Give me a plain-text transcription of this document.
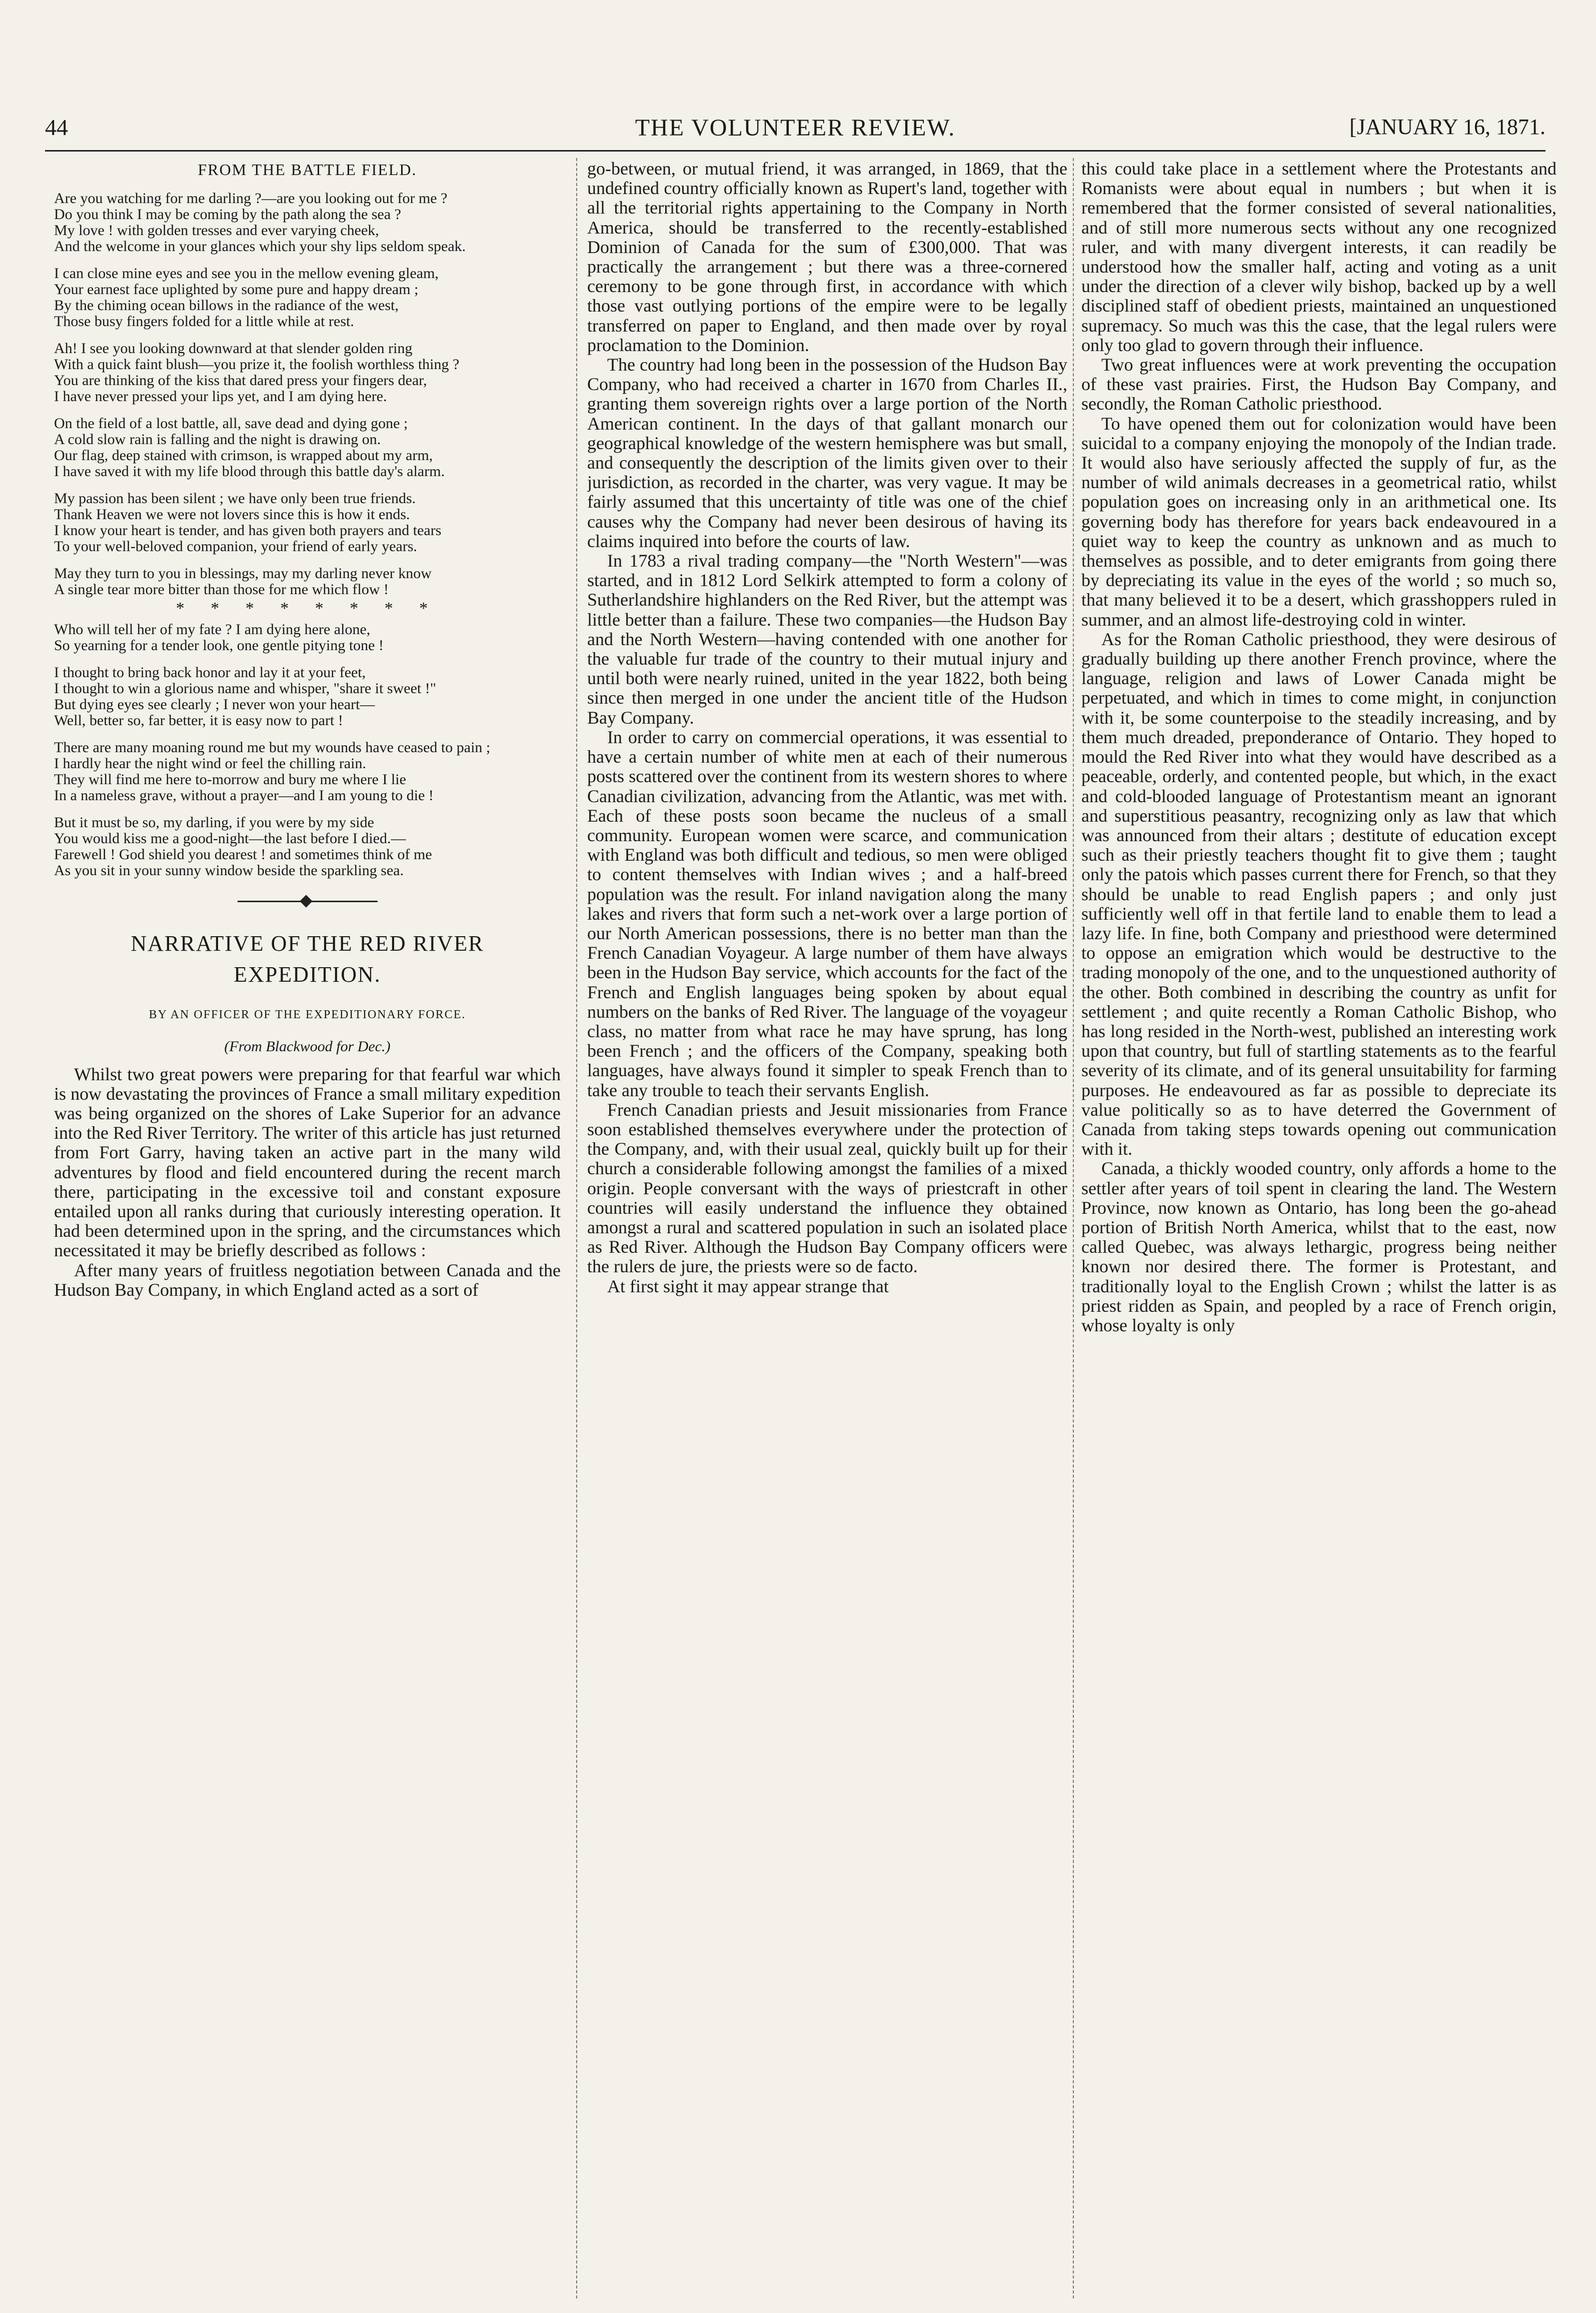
44	THE VOLUNTEER REVIEW.	[JANUARY 16, 1871.
FROM THE BATTLE FIELD.
Are you watching for me darling ?—are you looking out for me ?
Do you think I may be coming by the path along the sea ?
My love ! with golden tresses and ever varying cheek,
And the welcome in your glances which your shy lips seldom speak.
I can close mine eyes and see you in the mellow evening gleam,
Your earnest face uplighted by some pure and happy dream ;
By the chiming ocean billows in the radiance of the west,
Those busy fingers folded for a little while at rest.
Ah! I see you looking downward at that slender golden ring
With a quick faint blush—you prize it, the foolish worthless thing ?
You are thinking of the kiss that dared press your fingers dear,
I have never pressed your lips yet, and I am dying here.
On the field of a lost battle, all, save dead and dying gone ;
A cold slow rain is falling and the night is drawing on.
Our flag, deep stained with crimson, is wrapped about my arm,
I have saved it with my life blood through this battle day's alarm.
My passion has been silent ; we have only been true friends.
Thank Heaven we were not lovers since this is how it ends.
I know your heart is tender, and has given both prayers and tears
To your well-beloved companion, your friend of early years.
May they turn to you in blessings, may my darling never know
A single tear more bitter than those for me which flow !
* * * * * * * *
Who will tell her of my fate ? I am dying here alone,
So yearning for a tender look, one gentle pitying tone !
I thought to bring back honor and lay it at your feet,
I thought to win a glorious name and whisper, "share it sweet !"
But dying eyes see clearly ; I never won your heart—
Well, better so, far better, it is easy now to part !
There are many moaning round me but my wounds have ceased to pain ;
I hardly hear the night wind or feel the chilling rain.
They will find me here to-morrow and bury me where I lie
In a nameless grave, without a prayer—and I am young to die !
But it must be so, my darling, if you were by my side
You would kiss me a good-night—the last before I died.—
Farewell ! God shield you dearest ! and sometimes think of me
As you sit in your sunny window beside the sparkling sea.
NARRATIVE OF THE RED RIVER
EXPEDITION.
BY AN OFFICER OF THE EXPEDITIONARY FORCE.
(From Blackwood for Dec.)

Whilst two great powers were preparing for that fearful war which is now devastating the provinces of France a small military expedition was being organized on the shores of Lake Superior for an advance into the Red River Territory. The writer of this article has just returned from Fort Garry, having taken an active part in the many wild adventures by flood and field encountered during the recent march there, participating in the excessive toil and constant exposure entailed upon all ranks during that curiously interesting operation. It had been determined upon in the spring, and the circumstances which necessitated it may be briefly described as follows :

After many years of fruitless negotiation between Canada and the Hudson Bay Company, in which England acted as a sort of

go-between, or mutual friend, it was arranged, in 1869, that the undefined country officially known as Rupert's land, together with all the territorial rights appertaining to the Company in North America, should be transferred to the recently-established Dominion of Canada for the sum of £300,000. That was practically the arrangement ; but there was a three-cornered ceremony to be gone through first, in accordance with which those vast outlying portions of the empire were to be legally transferred on paper to England, and then made over by royal proclamation to the Dominion.

The country had long been in the possession of the Hudson Bay Company, who had received a charter in 1670 from Charles II., granting them sovereign rights over a large portion of the North American continent. In the days of that gallant monarch our geographical knowledge of the western hemisphere was but small, and consequently the description of the limits given over to their jurisdiction, as recorded in the charter, was very vague. It may be fairly assumed that this uncertainty of title was one of the chief causes why the Company had never been desirous of having its claims inquired into before the courts of law.

In 1783 a rival trading company—the "North Western"—was started, and in 1812 Lord Selkirk attempted to form a colony of Sutherlandshire highlanders on the Red River, but the attempt was little better than a failure. These two companies—the Hudson Bay and the North Western—having contended with one another for the valuable fur trade of the country to their mutual injury and until both were nearly ruined, united in the year 1822, both being since then merged in one under the ancient title of the Hudson Bay Company.

In order to carry on commercial operations, it was essential to have a certain number of white men at each of their numerous posts scattered over the continent from its western shores to where Canadian civilization, advancing from the Atlantic, was met with. Each of these posts soon became the nucleus of a small community. European women were scarce, and communication with England was both difficult and tedious, so men were obliged to content themselves with Indian wives ; and a half-breed population was the result. For inland navigation along the many lakes and rivers that form such a net-work over a large portion of our North American possessions, there is no better man than the French Canadian Voyageur. A large number of them have always been in the Hudson Bay service, which accounts for the fact of the French and English languages being spoken by about equal numbers on the banks of Red River. The language of the voyageur class, no matter from what race he may have sprung, has long been French ; and the officers of the Company, speaking both languages, have always found it simpler to speak French than to take any trouble to teach their servants English.

French Canadian priests and Jesuit missionaries from France soon established themselves everywhere under the protection of the Company, and, with their usual zeal, quickly built up for their church a considerable following amongst the families of a mixed origin. People conversant with the ways of priestcraft in other countries will easily understand the influence they obtained amongst a rural and scattered population in such an isolated place as Red River. Although the Hudson Bay Company officers were the rulers de jure, the priests were so de facto.

At first sight it may appear strange that

this could take place in a settlement where the Protestants and Romanists were about equal in numbers ; but when it is remembered that the former consisted of several nationalities, and of still more numerous sects without any one recognized ruler, and with many divergent interests, it can readily be understood how the smaller half, acting and voting as a unit under the direction of a clever wily bishop, backed up by a well disciplined staff of obedient priests, maintained an unquestioned supremacy. So much was this the case, that the legal rulers were only too glad to govern through their influence.

Two great influences were at work preventing the occupation of these vast prairies. First, the Hudson Bay Company, and secondly, the Roman Catholic priesthood.

To have opened them out for colonization would have been suicidal to a company enjoying the monopoly of the Indian trade. It would also have seriously affected the supply of fur, as the number of wild animals decreases in a geometrical ratio, whilst population goes on increasing only in an arithmetical one. Its governing body has therefore for years back endeavoured in a quiet way to keep the country as unknown and as much to themselves as possible, and to deter emigrants from going there by depreciating its value in the eyes of the world ; so much so, that many believed it to be a desert, which grasshoppers ruled in summer, and an almost life-destroying cold in winter.

As for the Roman Catholic priesthood, they were desirous of gradually building up there another French province, where the language, religion and laws of Lower Canada might be perpetuated, and which in times to come might, in conjunction with it, be some counterpoise to the steadily increasing, and by them much dreaded, preponderance of Ontario. They hoped to mould the Red River into what they would have described as a peaceable, orderly, and contented people, but which, in the exact and cold-blooded language of Protestantism meant an ignorant and superstitious peasantry, recognizing only as law that which was announced from their altars ; destitute of education except such as their priestly teachers thought fit to give them ; taught only the patois which passes current there for French, so that they should be unable to read English papers ; and only just sufficiently well off in that fertile land to enable them to lead a lazy life. In fine, both Company and priesthood were determined to oppose an emigration which would be destructive to the trading monopoly of the one, and to the unquestioned authority of the other. Both combined in describing the country as unfit for settlement ; and quite recently a Roman Catholic Bishop, who has long resided in the North-west, published an interesting work upon that country, but full of startling statements as to the fearful severity of its climate, and of its general unsuitability for farming purposes. He endeavoured as far as possible to depreciate its value politically so as to have deterred the Government of Canada from taking steps towards opening out communication with it.

Canada, a thickly wooded country, only affords a home to the settler after years of toil spent in clearing the land. The Western Province, now known as Ontario, has long been the go-ahead portion of British North America, whilst that to the east, now called Quebec, was always lethargic, progress being neither known nor desired there. The former is Protestant, and traditionally loyal to the English Crown ; whilst the latter is as priest ridden as Spain, and peopled by a race of French origin, whose loyalty is only
